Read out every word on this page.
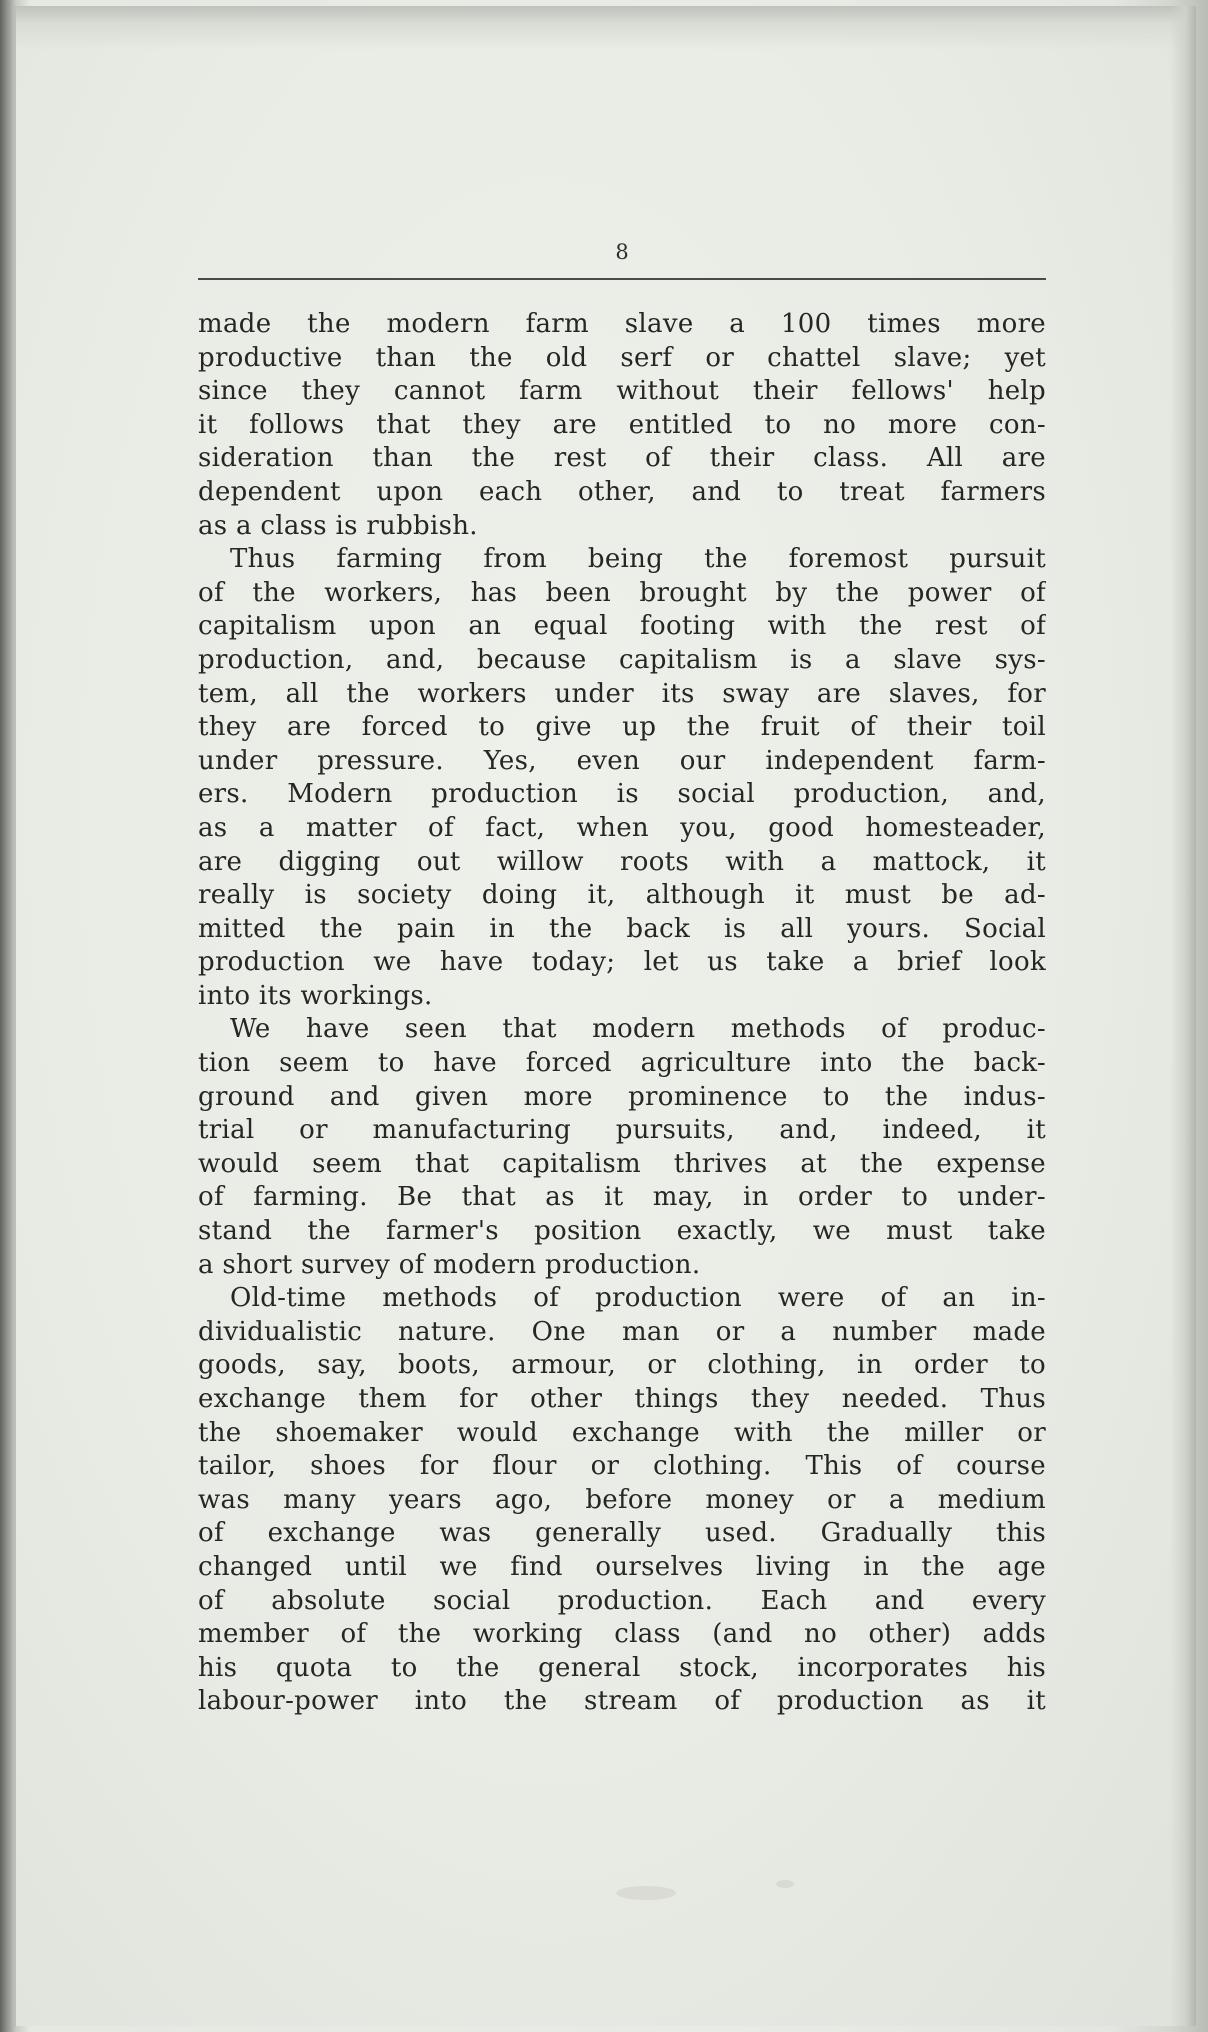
8
made the modern farm slave a 100 times more
productive than the old serf or chattel slave; yet
since they cannot farm without their fellows' help
it follows that they are entitled to no more con-
sideration than the rest of their class. All are
dependent upon each other, and to treat farmers
as a class is rubbish.
Thus farming from being the foremost pursuit
of the workers, has been brought by the power of
capitalism upon an equal footing with the rest of
production, and, because capitalism is a slave sys-
tem, all the workers under its sway are slaves, for
they are forced to give up the fruit of their toil
under pressure. Yes, even our independent farm-
ers. Modern production is social production, and,
as a matter of fact, when you, good homesteader,
are digging out willow roots with a mattock, it
really is society doing it, although it must be ad-
mitted the pain in the back is all yours. Social
production we have today; let us take a brief look
into its workings.
We have seen that modern methods of produc-
tion seem to have forced agriculture into the back-
ground and given more prominence to the indus-
trial or manufacturing pursuits, and, indeed, it
would seem that capitalism thrives at the expense
of farming. Be that as it may, in order to under-
stand the farmer's position exactly, we must take
a short survey of modern production.
Old-time methods of production were of an in-
dividualistic nature. One man or a number made
goods, say, boots, armour, or clothing, in order to
exchange them for other things they needed. Thus
the shoemaker would exchange with the miller or
tailor, shoes for flour or clothing. This of course
was many years ago, before money or a medium
of exchange was generally used. Gradually this
changed until we find ourselves living in the age
of absolute social production. Each and every
member of the working class (and no other) adds
his quota to the general stock, incorporates his
labour-power into the stream of production as it
